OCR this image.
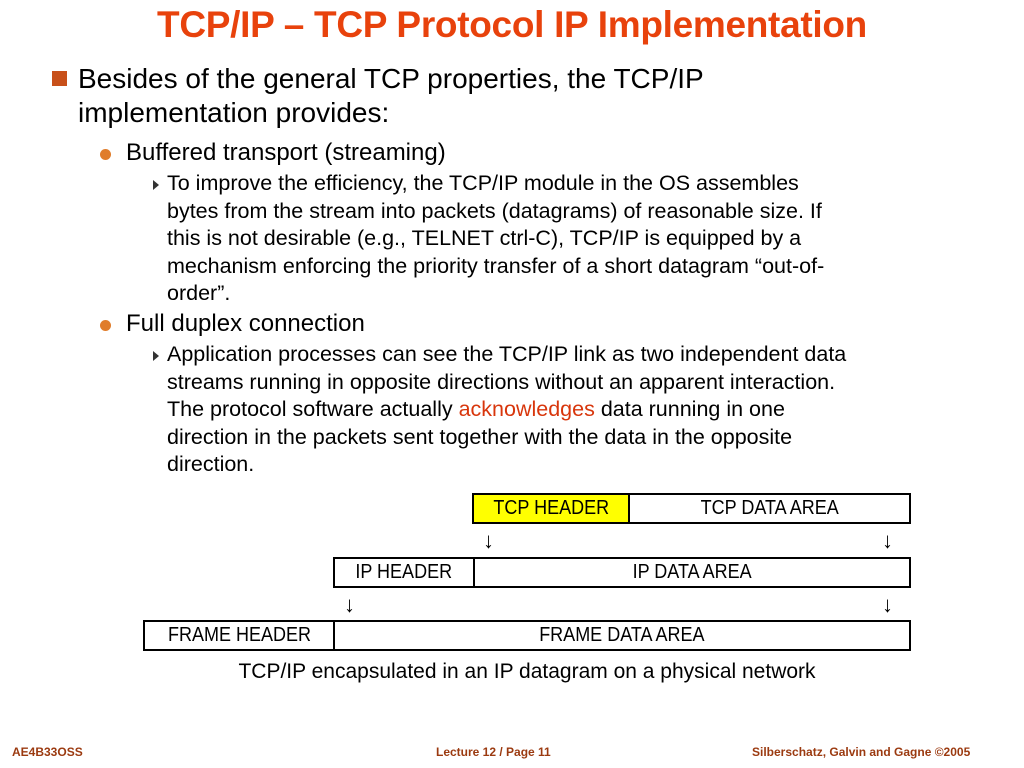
TCP/IP – TCP Protocol IP Implementation
Besides of the general TCP properties, the TCP/IP
implementation provides:
Buffered transport (streaming)
To improve the efficiency, the TCP/IP module in the OS assembles
bytes from the stream into packets (datagrams) of reasonable size. If
this is not desirable (e.g., TELNET ctrl-C), TCP/IP is equipped by a
mechanism enforcing the priority transfer of a short datagram “out-of-
order”.
Full duplex connection
Application processes can see the TCP/IP link as two independent data
streams running in opposite directions without an apparent interaction.
The protocol software actually acknowledges data running in one
direction in the packets sent together with the data in the opposite
direction.
TCP HEADER	TCP DATA AREA
↓	↓
IP HEADER	IP DATA AREA
↓	↓
FRAME HEADER	FRAME DATA AREA
TCP/IP encapsulated in an IP datagram on a physical network
AE4B33OSS	Lecture 12 / Page 11	Silberschatz, Galvin and Gagne ©2005
